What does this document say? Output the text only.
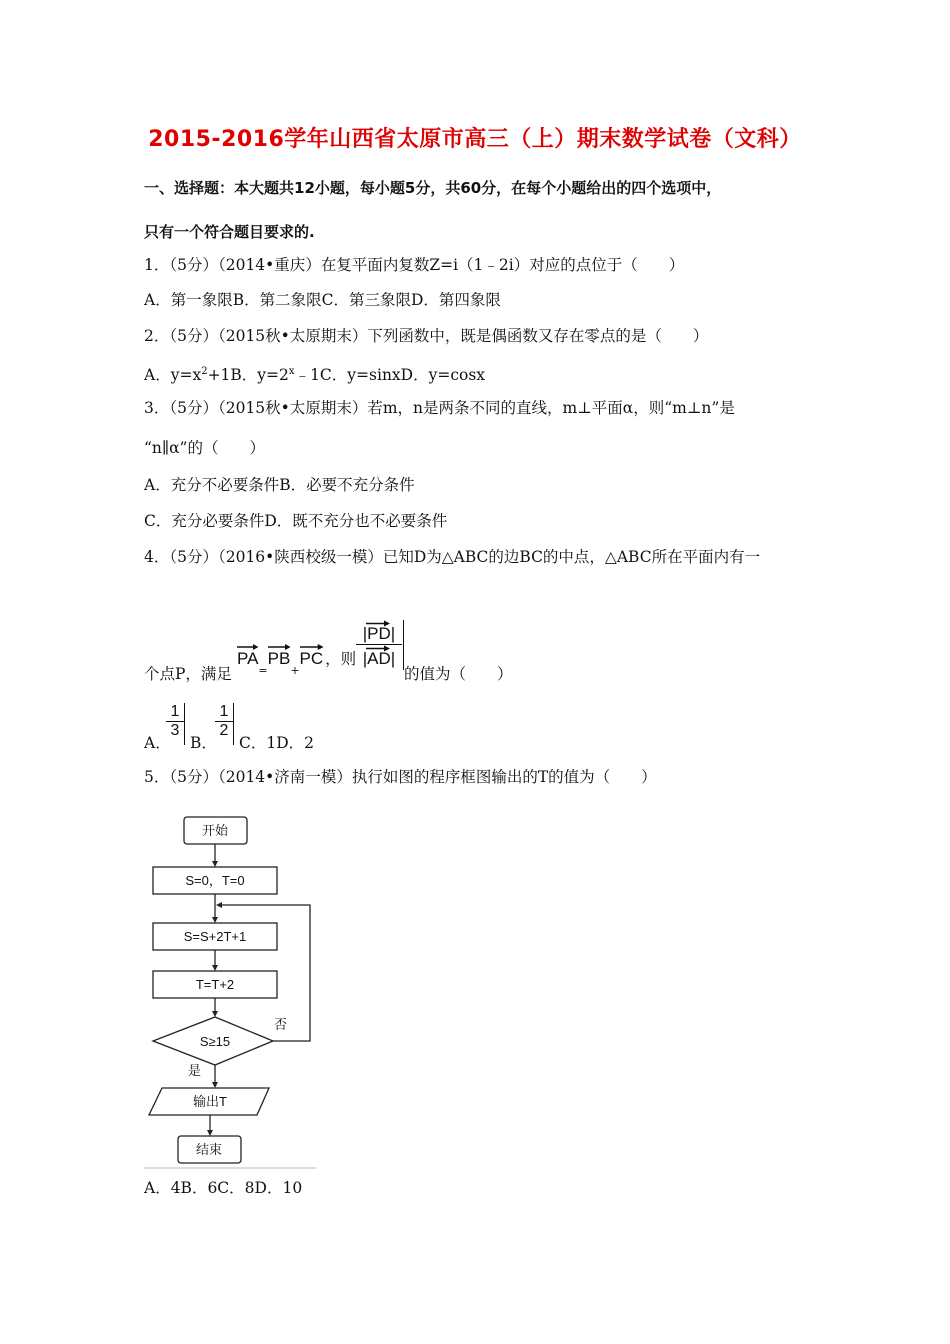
2015-2016学年山西省太原市高三（上）期末数学试卷（文科）
一、选择题：本大题共12小题，每小题5分，共60分，在每个小题给出的四个选项中，
只有一个符合题目要求的.
1．（5分）（2014•重庆）在复平面内复数Z=i（1﹣2i）对应的点位于（　　）
A．第一象限B．第二象限C．第三象限D．第四象限
2．（5分）（2015秋•太原期末）下列函数中，既是偶函数又存在零点的是（　　）
A．$y=x^2+1B$．$y=2^x﹣1C$．y=sinxD．y=cosx
3．（5分）（2015秋•太原期末）若m，n是两条不同的直线，m⊥平面α，则“m⊥n”是
“n∥α”的（　　）
A．充分不必要条件B．必要不充分条件
C．充分必要条件D．既不充分也不必要条件
4．（5分）（2016•陕西校级一模）已知D为△ABC的边BC的中点，△ABC所在平面内有一
个点P，满足
$PA_=$
$PB_+$
PC ，则
|PD|
|AD|
的值为（　　）
A．
1
3
B．
1
2
C．1D．2
5．（5分）（2014•济南一模）执行如图的程序框图输出的T的值为（　　）
开始
S=0，T=0
S=S+2T+1
T=T+2
S≥15
否
是
输出T
结束
A．4B．6C．8D．10
